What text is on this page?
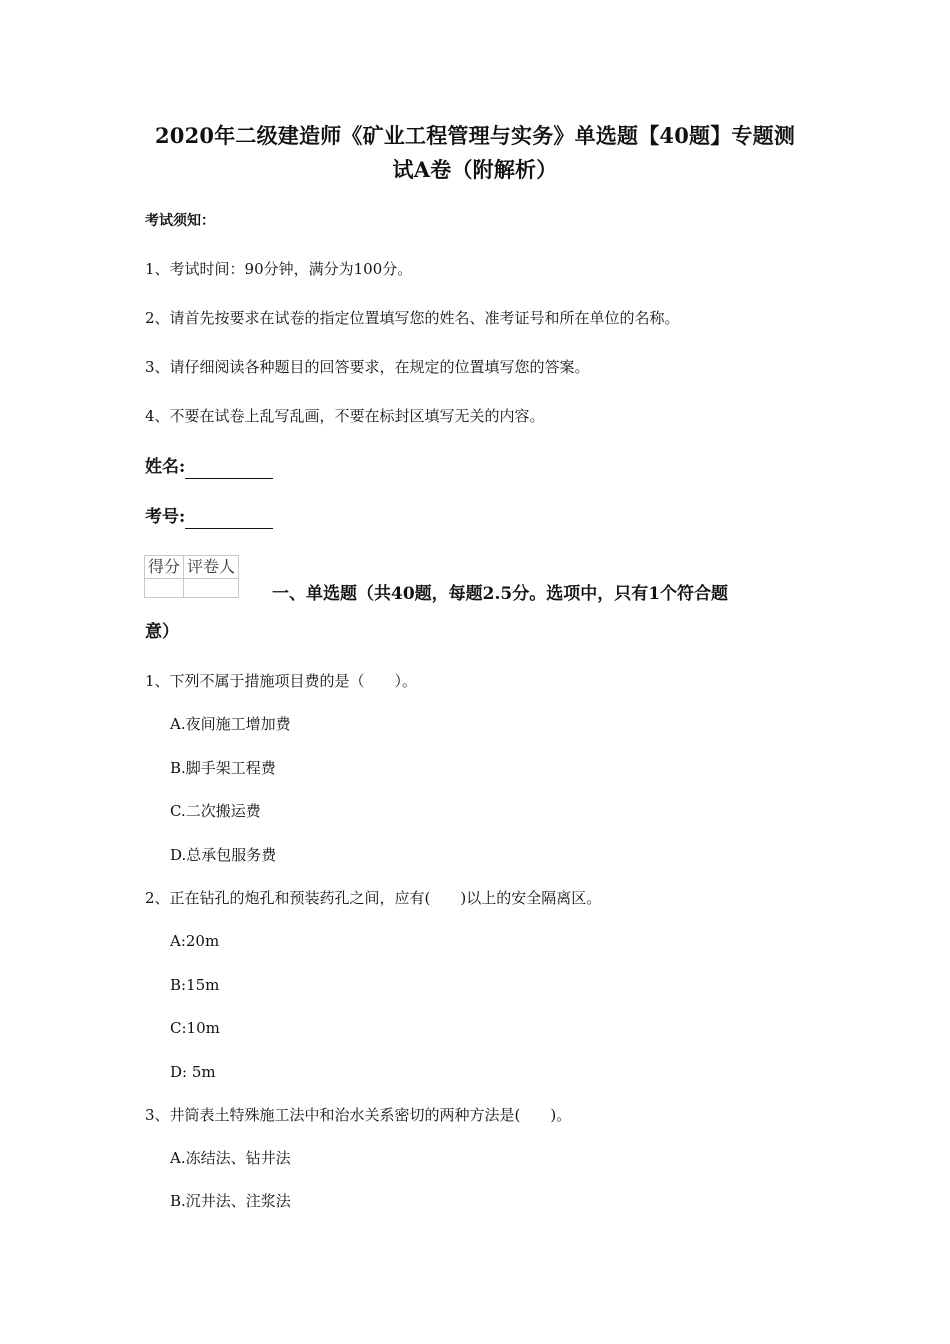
2020年二级建造师《矿业工程管理与实务》单选题【40题】专题测
试A卷（附解析）
考试须知：
1、考试时间：90分钟，满分为100分。
2、请首先按要求在试卷的指定位置填写您的姓名、准考证号和所在单位的名称。
3、请仔细阅读各种题目的回答要求，在规定的位置填写您的答案。
4、不要在试卷上乱写乱画，不要在标封区填写无关的内容。
姓名:
考号:
得分	评卷人

一、单选题（共40题，每题2.5分。选项中，只有1个符合题
意）
1、下列不属于措施项目费的是（　　）。
A.夜间施工增加费
B.脚手架工程费
C.二次搬运费
D.总承包服务费
2、正在钻孔的炮孔和预装药孔之间，应有(　　)以上的安全隔离区。
A:20m
B:15m
C:10m
D: 5m
3、井筒表土特殊施工法中和治水关系密切的两种方法是(　　)。
A.冻结法、钻井法
B.沉井法、注浆法
